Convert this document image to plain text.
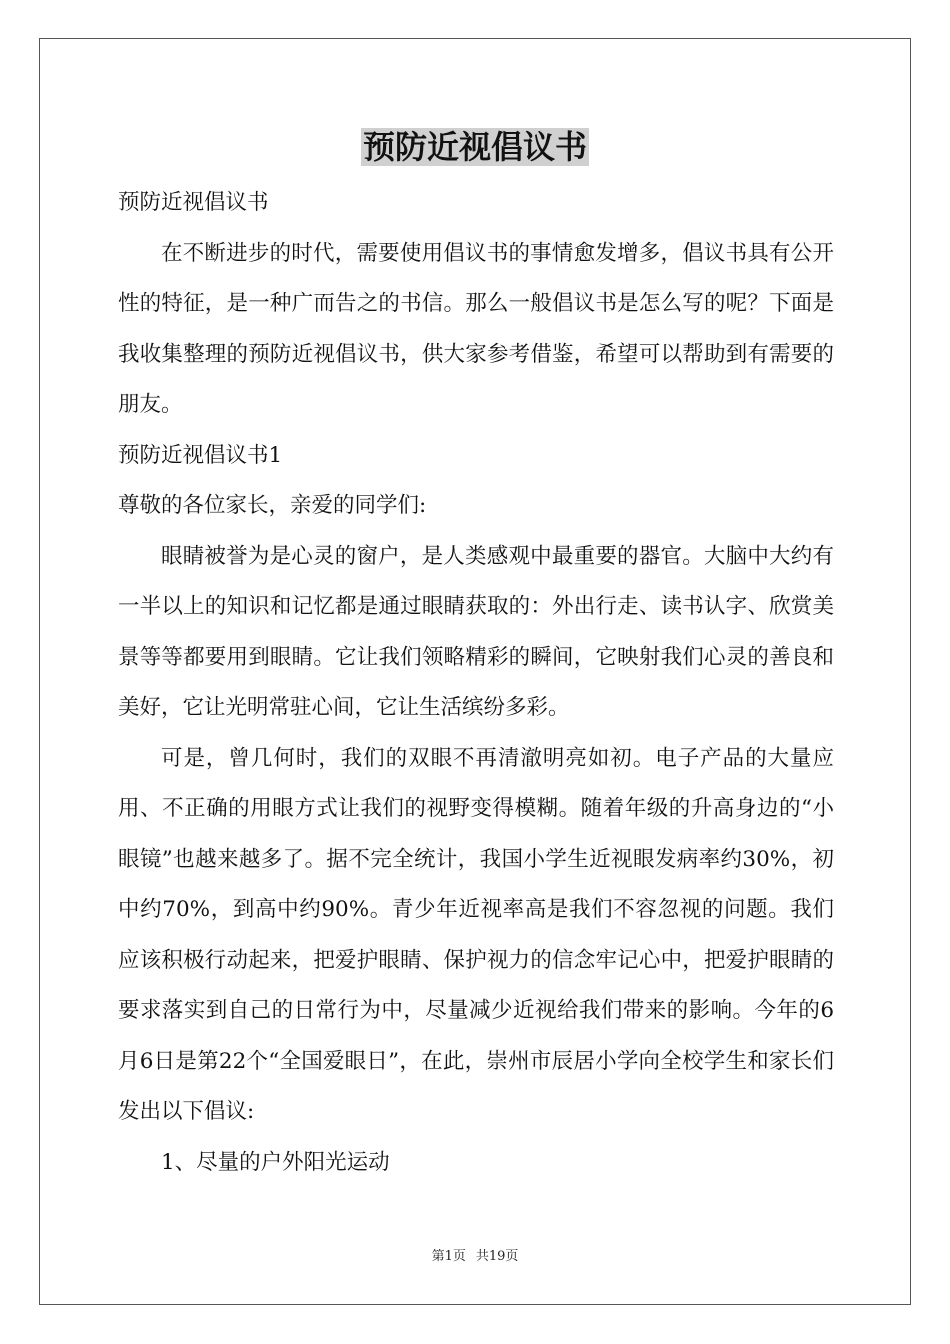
预防近视倡议书

预防近视倡议书

在不断进步的时代，需要使用倡议书的事情愈发增多，倡议书具有公开性的特征，是一种广而告之的书信。那么一般倡议书是怎么写的呢？下面是我收集整理的预防近视倡议书，供大家参考借鉴，希望可以帮助到有需要的朋友。

预防近视倡议书1

尊敬的各位家长，亲爱的同学们:

眼睛被誉为是心灵的窗户，是人类感观中最重要的器官。大脑中大约有一半以上的知识和记忆都是通过眼睛获取的：外出行走、读书认字、欣赏美景等等都要用到眼睛。它让我们领略精彩的瞬间，它映射我们心灵的善良和美好，它让光明常驻心间，它让生活缤纷多彩。

可是，曾几何时，我们的双眼不再清澈明亮如初。电子产品的大量应用、不正确的用眼方式让我们的视野变得模糊。随着年级的升高身边的“小眼镜”也越来越多了。据不完全统计，我国小学生近视眼发病率约30%，初中约70%，到高中约90%。青少年近视率高是我们不容忽视的问题。我们应该积极行动起来，把爱护眼睛、保护视力的信念牢记心中，把爱护眼睛的要求落实到自己的日常行为中，尽量减少近视给我们带来的影响。今年的6月6日是第22个“全国爱眼日”，在此，崇州市辰居小学向全校学生和家长们发出以下倡议:

1、尽量的户外阳光运动

第1页 共19页
